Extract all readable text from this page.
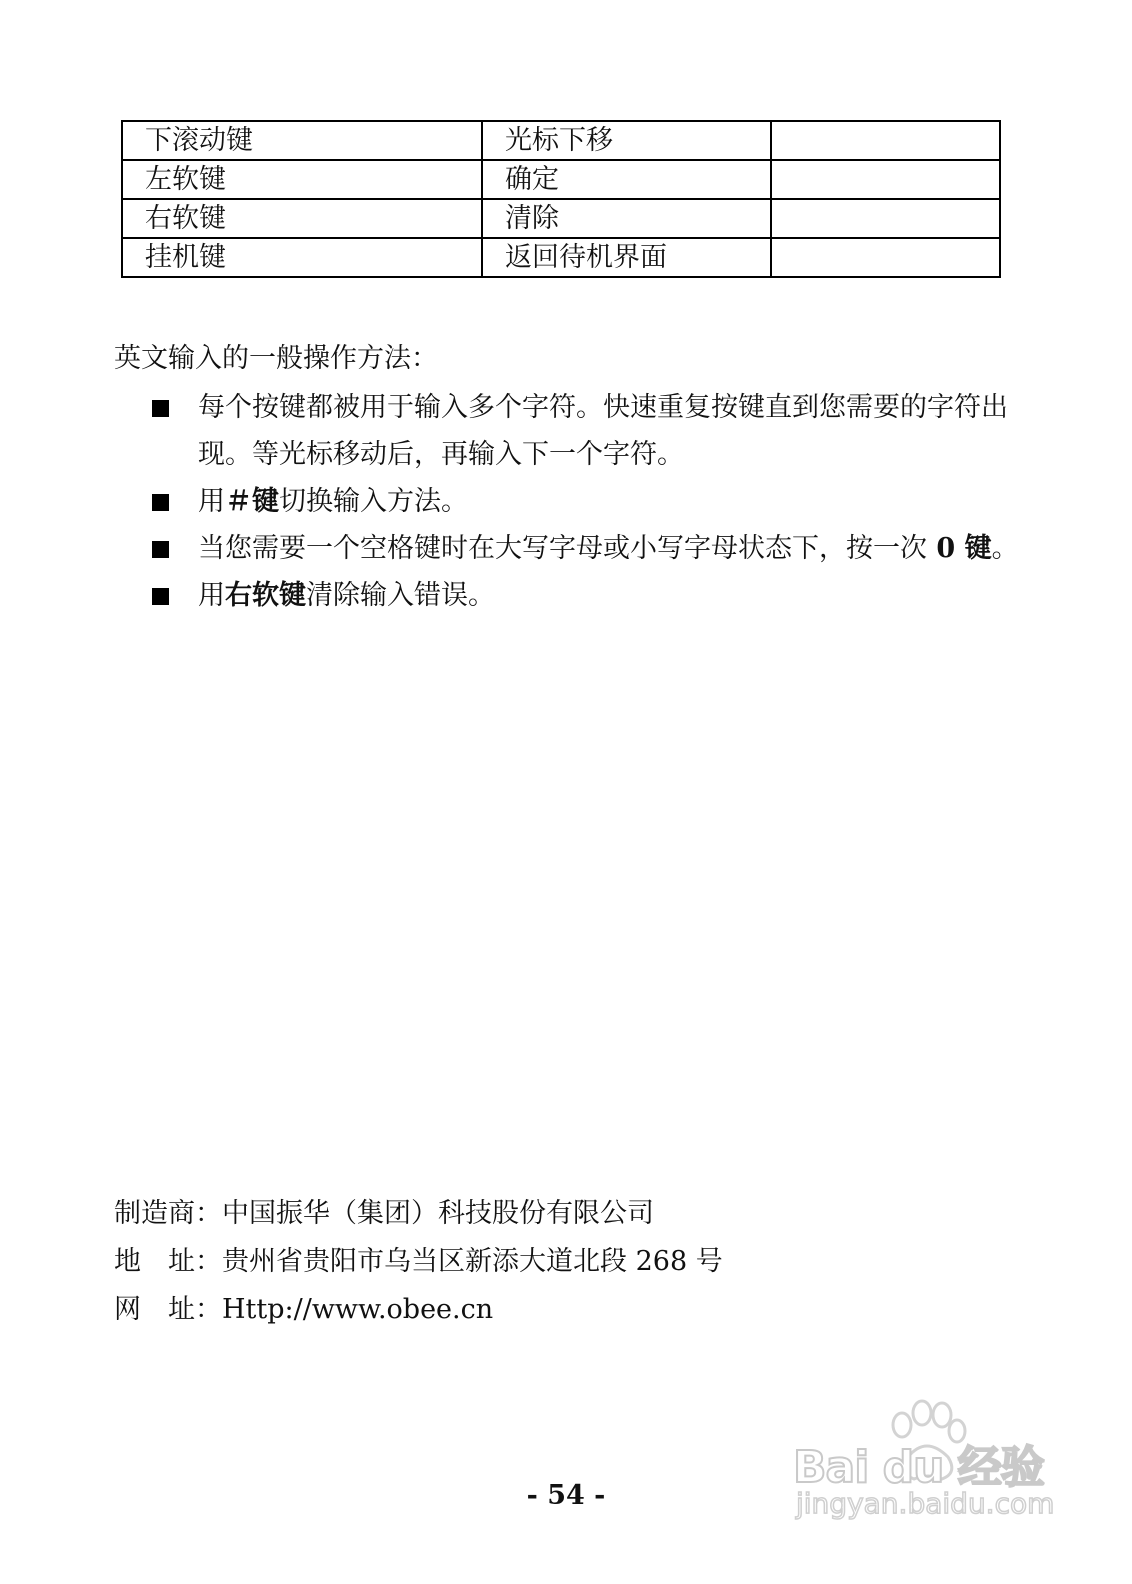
下滚动键	光标下移	
左软键	确定	
右软键	清除	
挂机键	返回待机界面	
英文输入的一般操作方法：
每个按键都被用于输入多个字符。快速重复按键直到您需要的字符出现。等光标移动后，再输入下一个字符。
用＃键切换输入方法。
当您需要一个空格键时在大写字母或小写字母状态下，按一次 0 键。
用右软键清除输入错误。
制造商：中国振华（集团）科技股份有限公司
地　址：贵州省贵阳市乌当区新添大道北段 268 号
网　址：Http://www.obee.cn
- 54 -
Bai du 经验
jingyan.baidu.com
